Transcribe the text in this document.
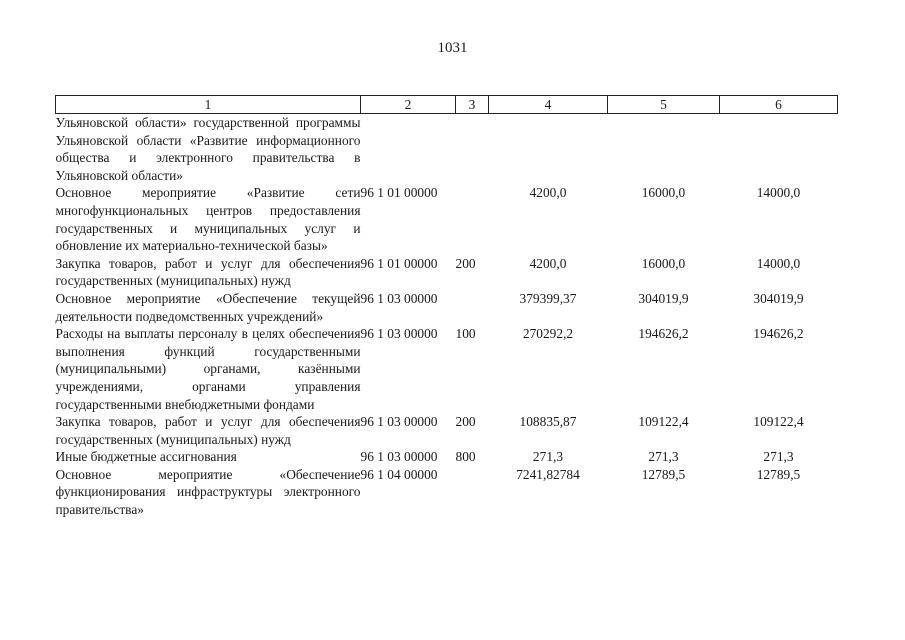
1031
1	2	3	4	5	6
Ульяновской области» государственной программы Ульяновской области «Развитие информационного общества и электронного правительства в Ульяновской области»					
Основное мероприятие «Развитие сети многофункциональных центров предоставления государственных и муниципальных услуг и обновление их материально-технической базы»	96 1 01 00000		4200,0	16000,0	14000,0
Закупка товаров, работ и услуг для обеспечения государственных (муниципальных) нужд	96 1 01 00000	200	4200,0	16000,0	14000,0
Основное мероприятие «Обеспечение текущей деятельности подведомственных учреждений»	96 1 03 00000		379399,37	304019,9	304019,9
Расходы на выплаты персоналу в целях обеспечения выполнения функций государственными (муниципальными) органами, казёнными учреждениями, органами управления государственными внебюджетными фондами	96 1 03 00000	100	270292,2	194626,2	194626,2
Закупка товаров, работ и услуг для обеспечения государственных (муниципальных) нужд	96 1 03 00000	200	108835,87	109122,4	109122,4
Иные бюджетные ассигнования	96 1 03 00000	800	271,3	271,3	271,3
Основное мероприятие «Обеспечение функционирования инфраструктуры электронного правительства»	96 1 04 00000		7241,82784	12789,5	12789,5
